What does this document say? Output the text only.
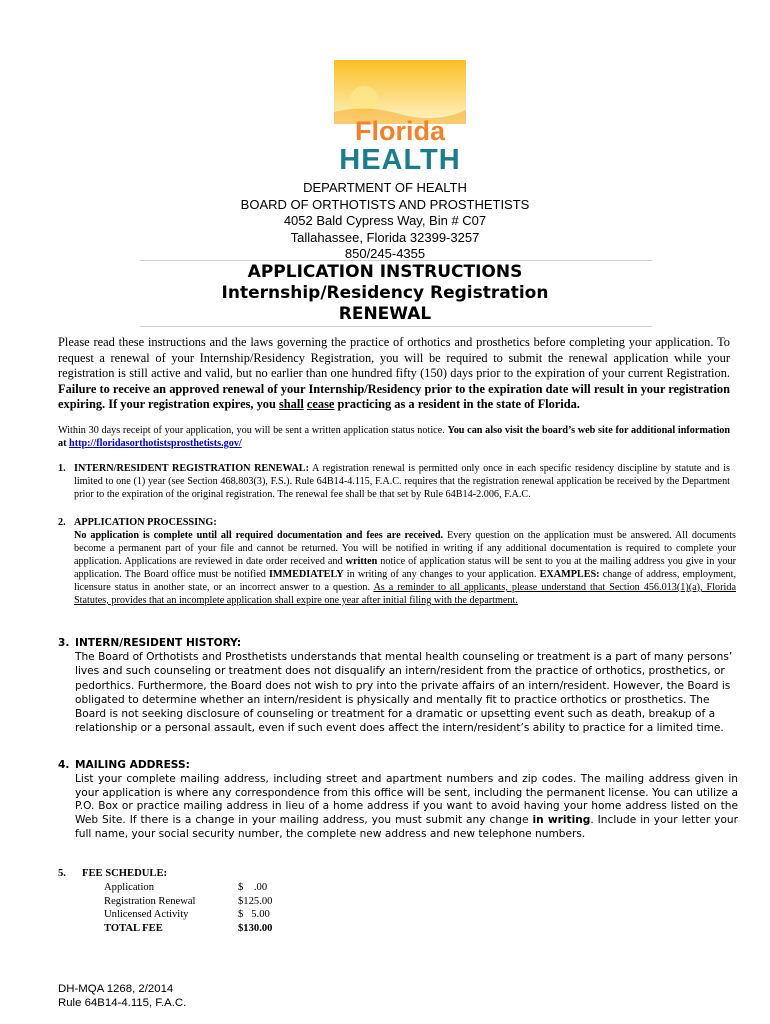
Florida
HEALTH
DEPARTMENT OF HEALTH
BOARD OF ORTHOTISTS AND PROSTHETISTS
4052 Bald Cypress Way, Bin # C07
Tallahassee, Florida 32399-3257
850/245-4355
APPLICATION INSTRUCTIONS
Internship/Residency Registration
RENEWAL
Please read these instructions and the laws governing the practice of orthotics and prosthetics before completing your application. To request a renewal of your Internship/Residency Registration, you will be required to submit the renewal application while your registration is still active and valid, but no earlier than one hundred fifty (150) days prior to the expiration of your current Registration. Failure to receive an approved renewal of your Internship/Residency prior to the expiration date will result in your registration expiring. If your registration expires, you shall cease practicing as a resident in the state of Florida.
Within 30 days receipt of your application, you will be sent a written application status notice. You can also visit the board’s web site for additional information at http://floridasorthotistsprosthetists.gov/
1. INTERN/RESIDENT REGISTRATION RENEWAL: A registration renewal is permitted only once in each specific residency discipline by statute and is limited to one (1) year (see Section 468.803(3), F.S.). Rule 64B14-4.115, F.A.C. requires that the registration renewal application be received by the Department prior to the expiration of the original registration. The renewal fee shall be that set by Rule 64B14-2.006, F.A.C.
2. APPLICATION PROCESSING:
No application is complete until all required documentation and fees are received. Every question on the application must be answered. All documents become a permanent part of your file and cannot be returned. You will be notified in writing if any additional documentation is required to complete your application. Applications are reviewed in date order received and written notice of application status will be sent to you at the mailing address you give in your application. The Board office must be notified IMMEDIATELY in writing of any changes to your application. EXAMPLES: change of address, employment, licensure status in another state, or an incorrect answer to a question. As a reminder to all applicants, please understand that Section 456.013(1)(a), Florida Statutes, provides that an incomplete application shall expire one year after initial filing with the department.
3. INTERN/RESIDENT HISTORY:
The Board of Orthotists and Prosthetists understands that mental health counseling or treatment is a part of many persons’ lives and such counseling or treatment does not disqualify an intern/resident from the practice of orthotics, prosthetics, or pedorthics. Furthermore, the Board does not wish to pry into the private affairs of an intern/resident. However, the Board is obligated to determine whether an intern/resident is physically and mentally fit to practice orthotics or prosthetics. The Board is not seeking disclosure of counseling or treatment for a dramatic or upsetting event such as death, breakup of a relationship or a personal assault, even if such event does affect the intern/resident’s ability to practice for a limited time.
4. MAILING ADDRESS:
List your complete mailing address, including street and apartment numbers and zip codes. The mailing address given in your application is where any correspondence from this office will be sent, including the permanent license. You can utilize a P.O. Box or practice mailing address in lieu of a home address if you want to avoid having your home address listed on the Web Site. If there is a change in your mailing address, you must submit any change in writing. Include in your letter your full name, your social security number, the complete new address and new telephone numbers.
5. FEE SCHEDULE:
Application	$    .00
Registration Renewal	$125.00
Unlicensed Activity	$   5.00
TOTAL FEE	$130.00
DH-MQA 1268, 2/2014
Rule 64B14-4.115, F.A.C.
